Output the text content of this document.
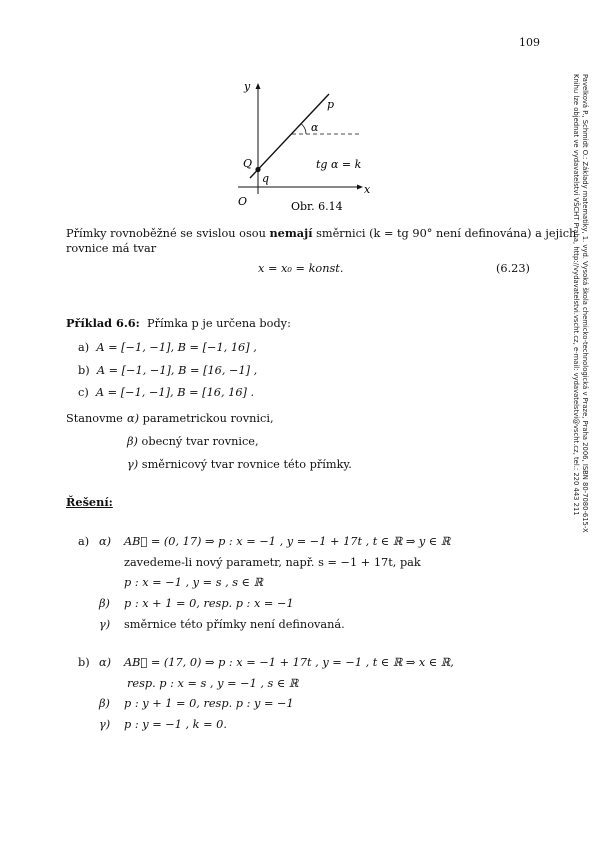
109
Pavelková P., Schmidt O.: Základy matematiky, 1. vyd. Vysoká škola chemicko-technologická v Praze, Praha 2006, ISBN 80-7080-615-X
Knihu lze objednat ve vydavatelství VŠCHT Praha, http://vydavatelstvi.vscht.cz, e-mail: vydavatelstvi@vscht.cz, tel.: 220 443 211
y
x
O
Q
q
p
α
tg α = k
Obr. 6.14
Přímky rovnoběžné se svislou osou nemají směrnici (k = tg 90° není definována) a jejich
rovnice má tvar
x = x₀ = konst.	(6.23)
Příklad 6.6: Přímka p je určena body:
a) A = [−1, −1], B = [−1, 16] ,
b) A = [−1, −1], B = [16, −1] ,
c) A = [−1, −1], B = [16, 16] .
Stanovme α) parametrickou rovnici,
β) obecný tvar rovnice,
γ) směrnicový tvar rovnice této přímky.
Řešení:
a) α) AB⃗ = (0, 17) ⇒ p : x = −1 , y = −1 + 17t , t ∈ ℝ ⇒ y ∈ ℝ
zavedeme-li nový parametr, např. s = −1 + 17t, pak
p : x = −1 , y = s , s ∈ ℝ
β) p : x + 1 = 0, resp. p : x = −1
γ) směrnice této přímky není definovaná.
b) α) AB⃗ = (17, 0) ⇒ p : x = −1 + 17t , y = −1 , t ∈ ℝ ⇒ x ∈ ℝ,
resp. p : x = s , y = −1 , s ∈ ℝ
β) p : y + 1 = 0, resp. p : y = −1
γ) p : y = −1 , k = 0.
